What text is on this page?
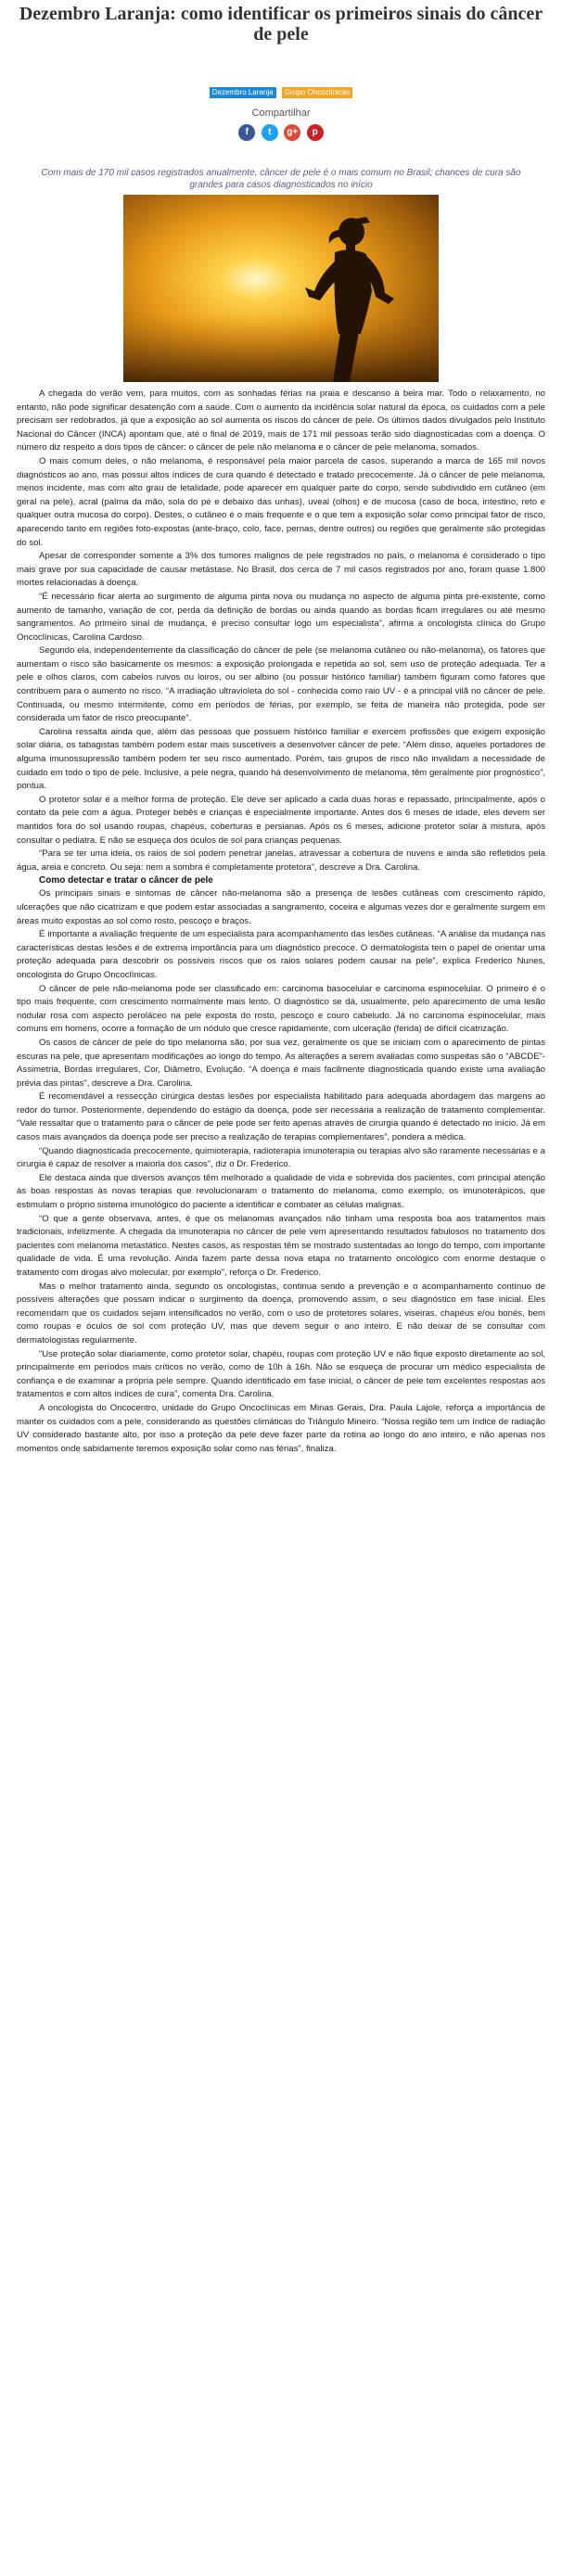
Dezembro Laranja: como identificar os primeiros sinais do câncer de pele
Dezembro Laranja Grupo Oncoclínicas
Compartilhar
f t g+ p
Com mais de 170 mil casos registrados anualmente, câncer de pele é o mais comum no Brasil; chances de cura são grandes para casos diagnosticados no início

A chegada do verão vem, para muitos, com as sonhadas férias na praia e descanso à beira mar. Todo o relaxamento, no entanto, não pode significar desatenção com a saúde. Com o aumento da incidência solar natural da época, os cuidados com a pele precisam ser redobrados, já que a exposição ao sol aumenta os riscos do câncer de pele. Os últimos dados divulgados pelo Instituto Nacional do Câncer (INCA) apontam que, até o final de 2019, mais de 171 mil pessoas terão sido diagnosticadas com a doença. O número diz respeito a dois tipos de câncer: o câncer de pele não melanoma e o câncer de pele melanoma, somados.

O mais comum deles, o não melanoma, é responsável pela maior parcela de casos, superando a marca de 165 mil novos diagnósticos ao ano, mas possui altos índices de cura quando é detectado e tratado precocemente. Já o câncer de pele melanoma, menos incidente, mas com alto grau de letalidade, pode aparecer em qualquer parte do corpo, sendo subdividido em cutâneo (em geral na pele), acral (palma da mão, sola do pé e debaixo das unhas), uveal (olhos) e de mucosa (caso de boca, intestino, reto e qualquer outra mucosa do corpo). Destes, o cutâneo é o mais frequente e o que tem a exposição solar como principal fator de risco, aparecendo tanto em regiões foto-expostas (ante-braço, colo, face, pernas, dentre outros) ou regiões que geralmente são protegidas do sol.

Apesar de corresponder somente a 3% dos tumores malignos de pele registrados no país, o melanoma é considerado o tipo mais grave por sua capacidade de causar metástase. No Brasil, dos cerca de 7 mil casos registrados por ano, foram quase 1.800 mortes relacionadas à doença.

“É necessário ficar alerta ao surgimento de alguma pinta nova ou mudança no aspecto de alguma pinta pré-existente, como aumento de tamanho, variação de cor, perda da definição de bordas ou ainda quando as bordas ficam irregulares ou até mesmo sangramentos. Ao primeiro sinal de mudança, é preciso consultar logo um especialista”, afirma a oncologista clínica do Grupo Oncoclínicas, Carolina Cardoso.

Segundo ela, independentemente da classificação do câncer de pele (se melanoma cutâneo ou não-melanoma), os fatores que aumentam o risco são basicamente os mesmos: a exposição prolongada e repetida ao sol, sem uso de proteção adequada. Ter a pele e olhos claros, com cabelos ruivos ou loiros, ou ser albino (ou possuir histórico familiar) também figuram como fatores que contribuem para o aumento no risco. “A irradiação ultravioleta do sol - conhecida como raio UV - é a principal vilã no câncer de pele. Continuada, ou mesmo intermitente, como em períodos de férias, por exemplo, se feita de maneira não protegida, pode ser considerada um fator de risco preocupante”.

Carolina ressalta ainda que, além das pessoas que possuem histórico familiar e exercem profissões que exigem exposição solar diária, os tabagistas também podem estar mais suscetíveis a desenvolver câncer de pele. “Além disso, aqueles portadores de alguma imunossupressão também podem ter seu risco aumentado. Porém, tais grupos de risco não invalidam a necessidade de cuidado em todo o tipo de pele. Inclusive, a pele negra, quando há desenvolvimento de melanoma, têm geralmente pior prognóstico”, pontua.

O protetor solar é a melhor forma de proteção. Ele deve ser aplicado a cada duas horas e repassado, principalmente, após o contato da pele com a água. Proteger bebês e crianças é especialmente importante. Antes dos 6 meses de idade, eles devem ser mantidos fora do sol usando roupas, chapéus, coberturas e persianas. Após os 6 meses, adicione protetor solar à mistura, após consultar o pediatra. E não se esqueça dos óculos de sol para crianças pequenas.

“Para se ter uma ideia, os raios de sol podem penetrar janelas, atravessar a cobertura de nuvens e ainda são refletidos pela água, areia e concreto. Ou seja: nem a sombra é completamente protetora”, descreve a Dra. Carolina.

Como detectar e tratar o câncer de pele

Os principais sinais e sintomas de câncer não-melanoma são a presença de lesões cutâneas com crescimento rápido, ulcerações que não cicatrizam e que podem estar associadas a sangramento, coceira e algumas vezes dor e geralmente surgem em áreas muito expostas ao sol como rosto, pescoço e braços.

É importante a avaliação frequente de um especialista para acompanhamento das lesões cutâneas. “A análise da mudança nas características destas lesões é de extrema importância para um diagnóstico precoce. O dermatologista tem o papel de orientar uma proteção adequada para descobrir os possíveis riscos que os raios solares podem causar na pele”, explica Frederico Nunes, oncologista do Grupo Oncoclínicas.

O câncer de pele não-melanoma pode ser classificado em: carcinoma basocelular e carcinoma espinocelular. O primeiro é o tipo mais frequente, com crescimento normalmente mais lento. O diagnóstico se dá, usualmente, pelo aparecimento de uma lesão nodular rosa com aspecto peroláceo na pele exposta do rosto, pescoço e couro cabeludo. Já no carcinoma espinocelular, mais comuns em homens, ocorre a formação de um nódulo que cresce rapidamente, com ulceração (ferida) de difícil cicatrização.

Os casos de câncer de pele do tipo melanoma são, por sua vez, geralmente os que se iniciam com o aparecimento de pintas escuras na pele, que apresentam modificações ao longo do tempo. As alterações a serem avaliadas como suspeitas são o “ABCDE”- Assimetria, Bordas irregulares, Cor, Diâmetro, Evolução. “A doença é mais facilmente diagnosticada quando existe uma avaliação prévia das pintas”, descreve a Dra. Carolina.

É recomendável a ressecção cirúrgica destas lesões por especialista habilitado para adequada abordagem das margens ao redor do tumor. Posteriormente, dependendo do estágio da doença, pode ser necessária a realização de tratamento complementar. “Vale ressaltar que o tratamento para o câncer de pele pode ser feito apenas através de cirurgia quando é detectado no início. Já em casos mais avançados da doença pode ser preciso a realização de terapias complementares”, pondera a médica.

“Quando diagnosticada precocemente, quimioterapia, radioterapia imunoterapia ou terapias alvo são raramente necessárias e a cirurgia é capaz de resolver a maioria dos casos”, diz o Dr. Frederico.

Ele destaca ainda que diversos avanços têm melhorado a qualidade de vida e sobrevida dos pacientes, com principal atenção às boas respostas às novas terapias que revolucionaram o tratamento do melanoma, como exemplo, os imunoterápicos, que estimulam o próprio sistema imunológico do paciente a identificar e combater as células malignas.

“O que a gente observava, antes, é que os melanomas avançados não tinham uma resposta boa aos tratamentos mais tradicionais, infelizmente. A chegada da imunoterapia no câncer de pele vem apresentando resultados fabulosos no tratamento dos pacientes com melanoma metastático. Nestes casos, as respostas têm se mostrado sustentadas ao longo do tempo, com importante qualidade de vida. É uma revolução. Ainda fazem parte dessa nova etapa no tratamento oncológico com enorme destaque o tratamento com drogas alvo molecular, por exemplo”, reforça o Dr. Frederico.

Mas o melhor tratamento ainda, segundo os oncologistas, continua sendo a prevenção e o acompanhamento contínuo de possíveis alterações que possam indicar o surgimento da doença, promovendo assim, o seu diagnóstico em fase inicial. Eles recomendam que os cuidados sejam intensificados no verão, com o uso de protetores solares, viseiras, chapéus e/ou bonés, bem como roupas e óculos de sol com proteção UV, mas que devem seguir o ano inteiro. E não deixar de se consultar com dermatologistas regularmente.

“Use proteção solar diariamente, como protetor solar, chapéu, roupas com proteção UV e não fique exposto diretamente ao sol, principalmente em períodos mais críticos no verão, como de 10h à 16h. Não se esqueça de procurar um médico especialista de confiança e de examinar a própria pele sempre. Quando identificado em fase inicial, o câncer de pele tem excelentes respostas aos tratamentos e com altos índices de cura”, comenta Dra. Carolina.

A oncologista do Oncocentro, unidade do Grupo Oncoclínicas em Minas Gerais, Dra. Paula Lajole, reforça a importância de manter os cuidados com a pele, considerando as questões climáticas do Triângulo Mineiro. “Nossa região tem um índice de radiação UV considerado bastante alto, por isso a proteção da pele deve fazer parte da rotina ao longo do ano inteiro, e não apenas nos momentos onde sabidamente teremos exposição solar como nas férias”, finaliza.
